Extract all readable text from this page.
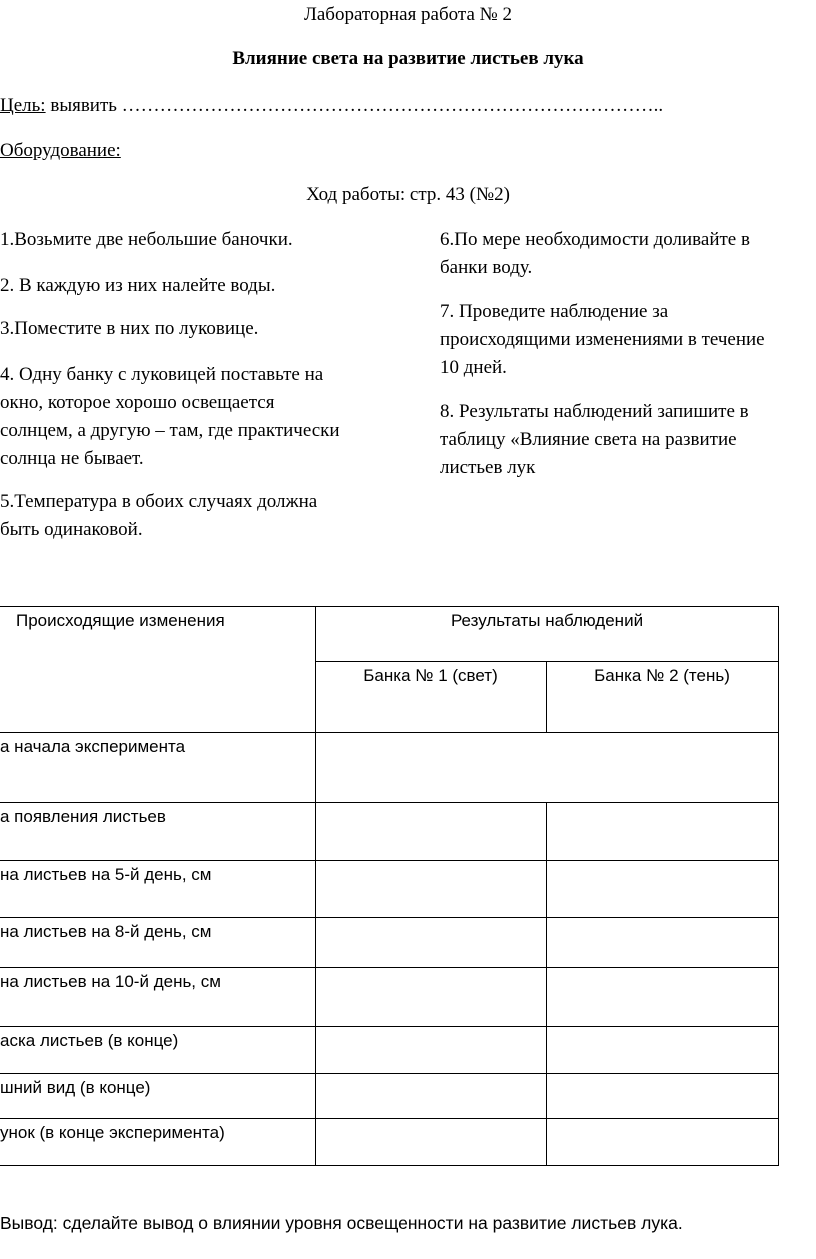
Лабораторная работа № 2
Влияние света на развитие листьев лука
Цель: выявить …………………………………………………………………………..
Оборудование:
Ход работы: стр. 43 (№2)
1.Возьмите две небольшие баночки.
2. В каждую из них налейте воды.
3.Поместите в них по луковице.
4. Одну банку с луковицей поставьте на
окно, которое хорошо освещается
солнцем, а другую – там, где практически
солнца не бывает.
5.Температура в обоих случаях должна
быть одинаковой.
6.По мере необходимости доливайте в
банки воду.
7. Проведите наблюдение за
происходящими изменениями в течение
10 дней.
8. Результаты наблюдений запишите в
таблицу «Влияние света на развитие
листьев лук
Происходящие изменения	Результаты наблюдений
Банка № 1 (свет)	Банка № 2 (тень)
а начала эксперимента
а появления листьев
на листьев на 5-й день, см
на листьев на 8-й день, см
на листьев на 10-й день, см
аска листьев (в конце)
шний вид (в конце)
унок (в конце эксперимента)
Вывод: сделайте вывод о влиянии уровня освещенности на развитие листьев лука.
